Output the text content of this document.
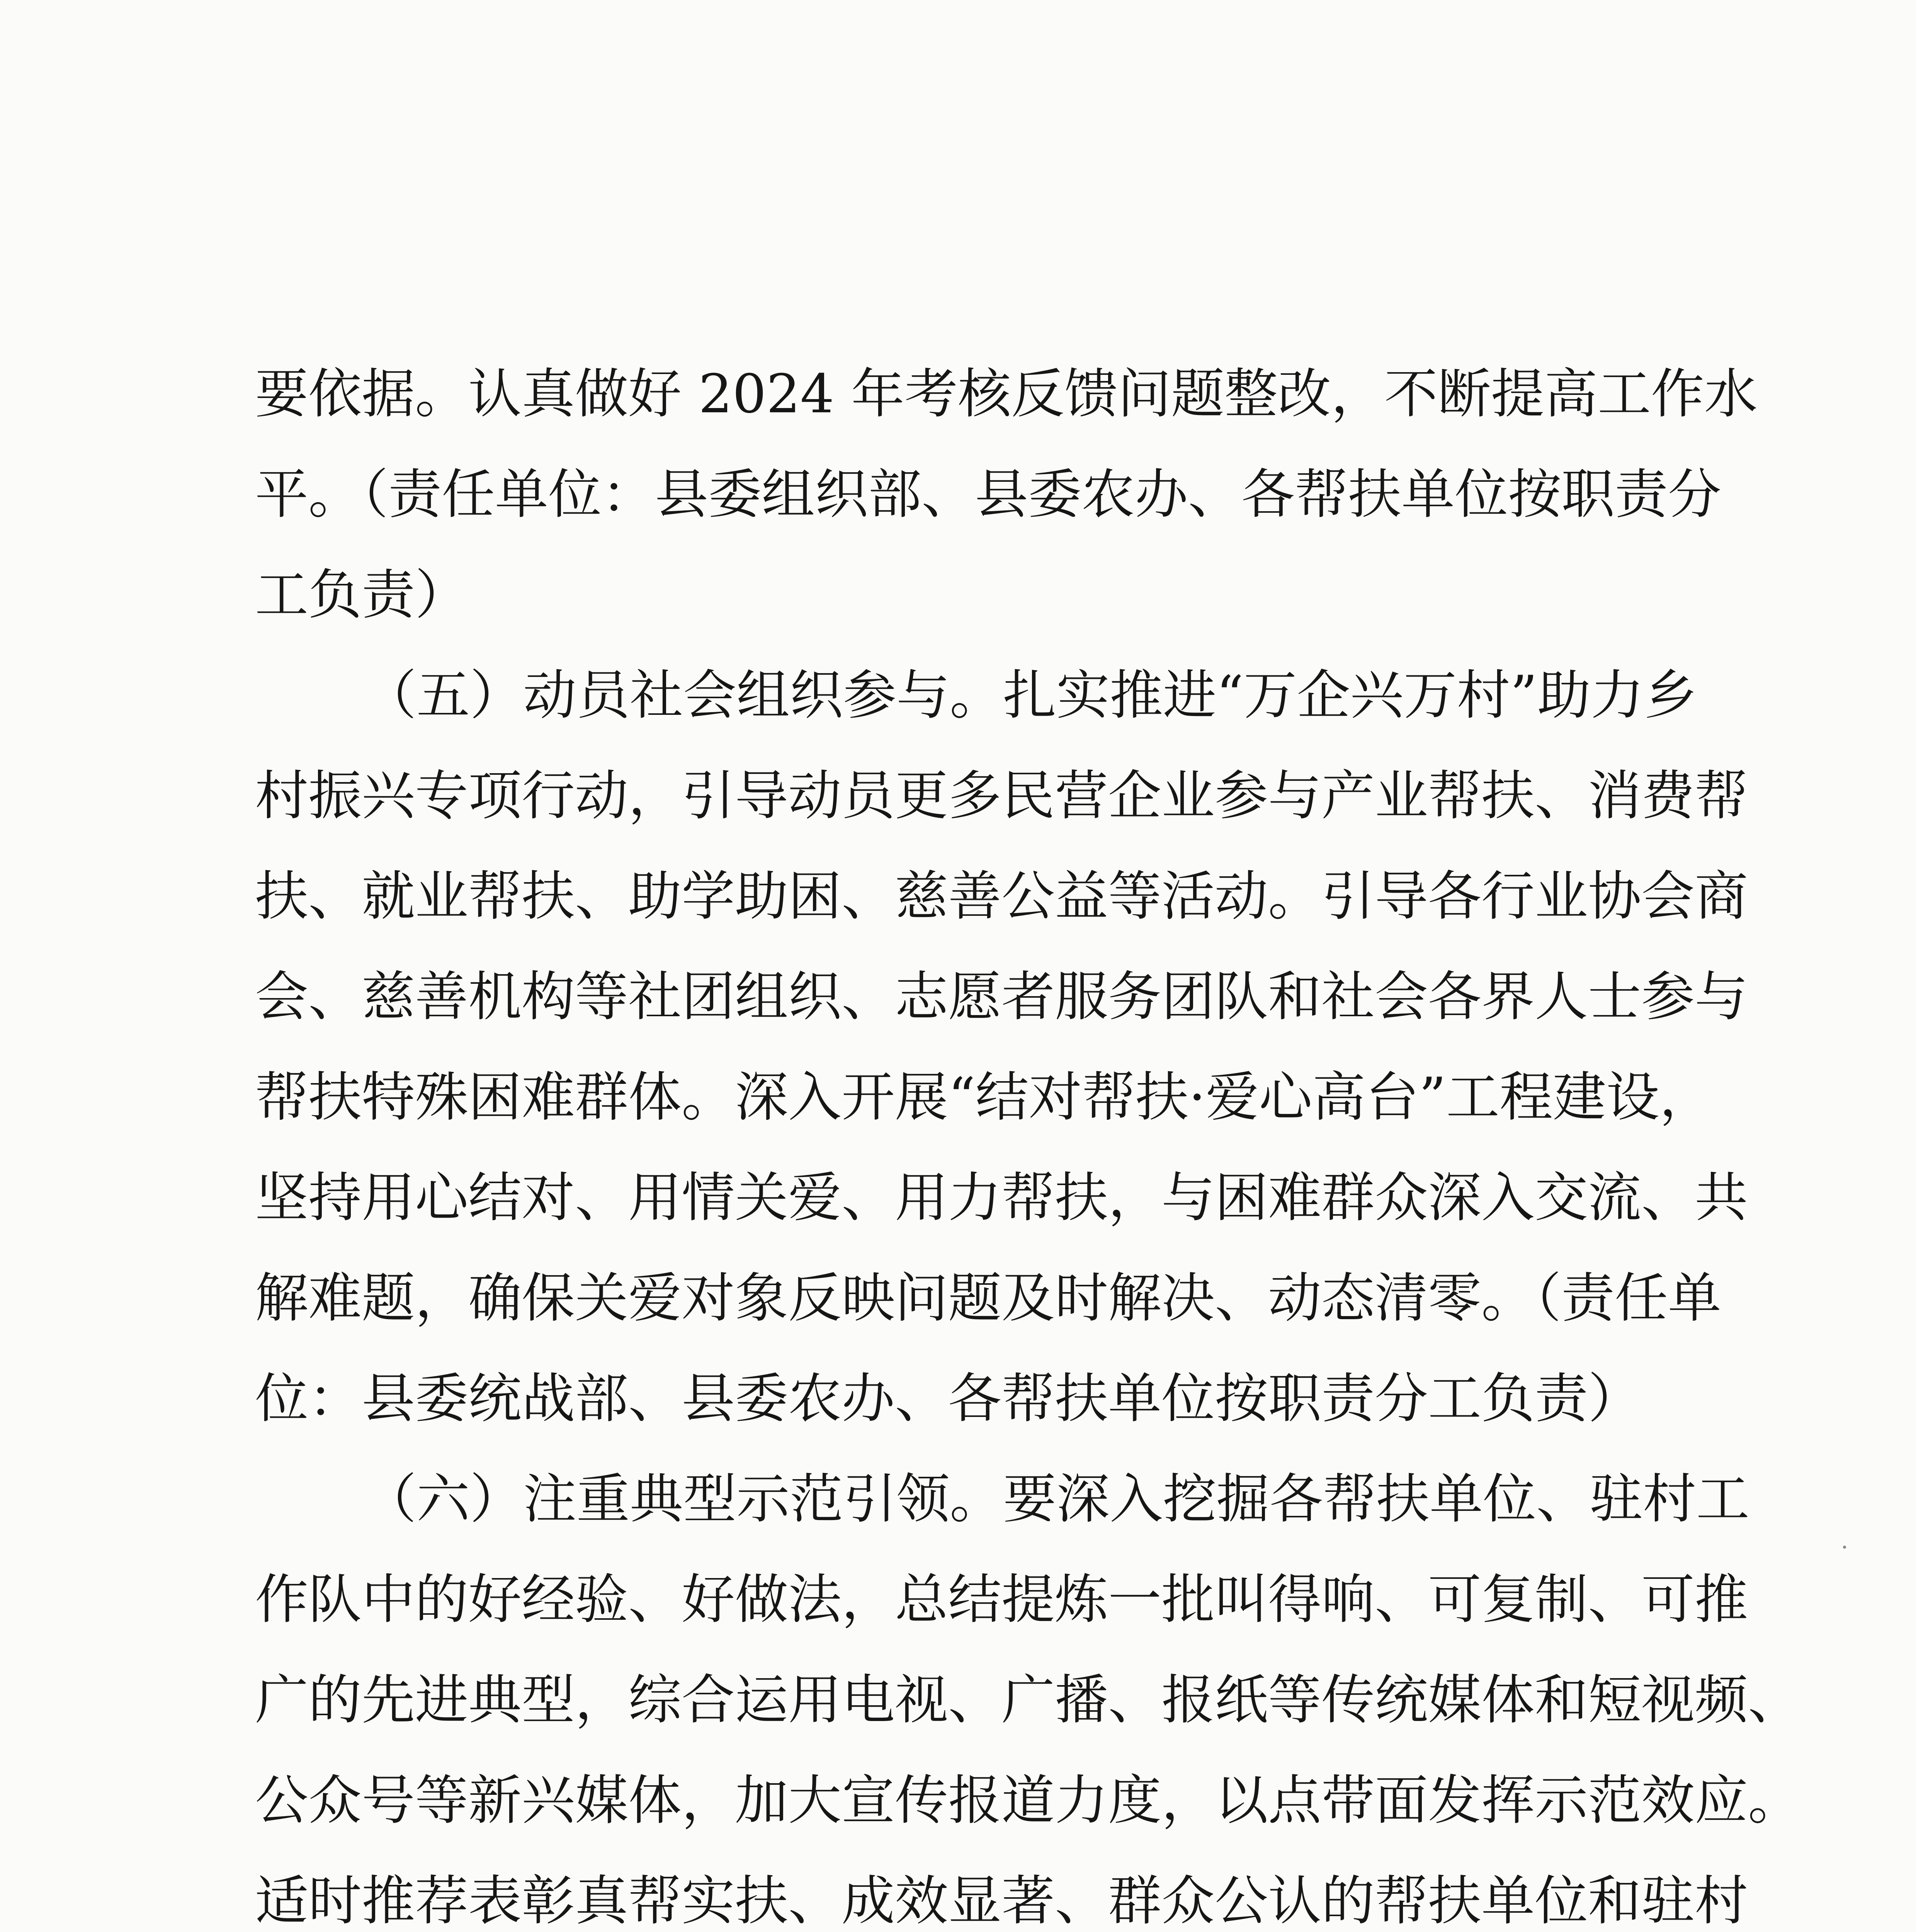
要依据。认真做好 2024 年考核反馈问题整改，不断提高工作水
平。（责任单位：县委组织部、县委农办、各帮扶单位按职责分
工负责）
（五）动员社会组织参与。扎实推进“万企兴万村”助力乡
村振兴专项行动，引导动员更多民营企业参与产业帮扶、消费帮
扶、就业帮扶、助学助困、慈善公益等活动。引导各行业协会商
会、慈善机构等社团组织、志愿者服务团队和社会各界人士参与
帮扶特殊困难群体。深入开展“结对帮扶·爱心高台”工程建设，
坚持用心结对、用情关爱、用力帮扶，与困难群众深入交流、共
解难题，确保关爱对象反映问题及时解决、动态清零。（责任单
位：县委统战部、县委农办、各帮扶单位按职责分工负责）
（六）注重典型示范引领。要深入挖掘各帮扶单位、驻村工
作队中的好经验、好做法，总结提炼一批叫得响、可复制、可推
广的先进典型，综合运用电视、广播、报纸等传统媒体和短视频、
公众号等新兴媒体，加大宣传报道力度，以点带面发挥示范效应。
适时推荐表彰真帮实扶、成效显著、群众公认的帮扶单位和驻村
